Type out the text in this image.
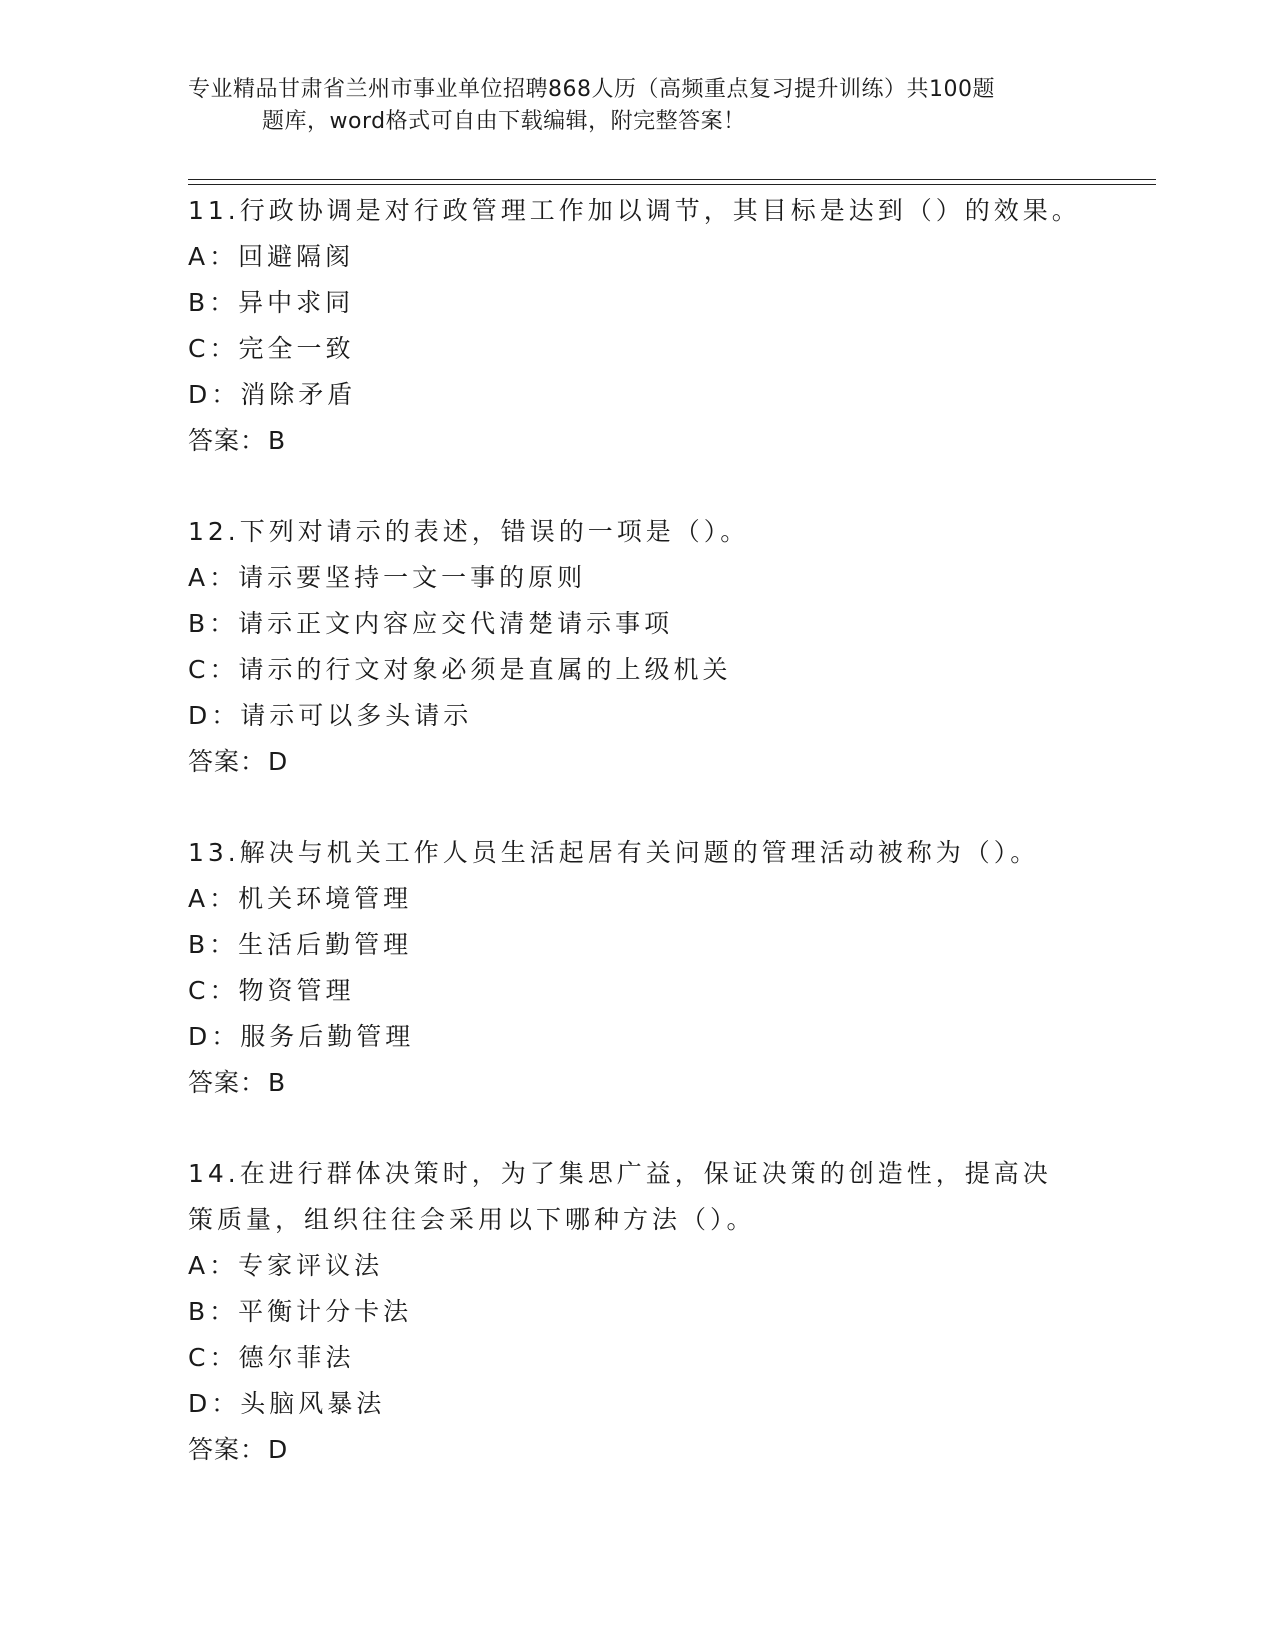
专业精品甘肃省兰州市事业单位招聘868人历（高频重点复习提升训练）共100题
题库，word格式可自由下载编辑，附完整答案！
11.行政协调是对行政管理工作加以调节，其目标是达到（）的效果。
A：回避隔阂
B：异中求同
C：完全一致
D：消除矛盾
答案：B
12.下列对请示的表述，错误的一项是（）。
A：请示要坚持一文一事的原则
B：请示正文内容应交代清楚请示事项
C：请示的行文对象必须是直属的上级机关
D：请示可以多头请示
答案：D
13.解决与机关工作人员生活起居有关问题的管理活动被称为（）。
A：机关环境管理
B：生活后勤管理
C：物资管理
D：服务后勤管理
答案：B
14.在进行群体决策时，为了集思广益，保证决策的创造性，提高决策质量，组织往往会采用以下哪种方法（）。
A：专家评议法
B：平衡计分卡法
C：德尔菲法
D：头脑风暴法
答案：D
